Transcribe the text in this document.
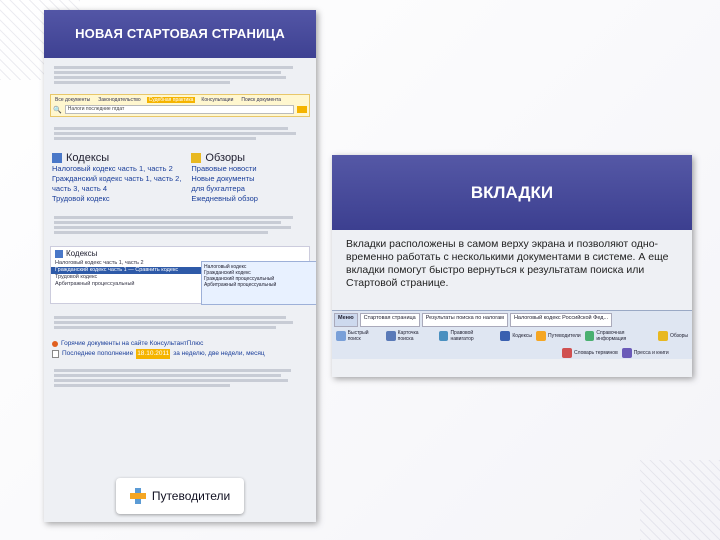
НОВАЯ СТАРТОВАЯ СТРАНИЦА
Все документы	Законодательство	Судебная практика	Консультации	Поиск документа
🔍	Налоги последние пгдат
Кодексы
Налоговый кодекс часть 1, часть 2
Гражданский кодекс часть 1, часть 2,
часть 3, часть 4
Трудовой кодекс
Обзоры
Правовые новости
Новые документы
для бухгалтера
Ежедневный обзор
Кодексы
Налоговый кодекс часть 1, часть 2
Гражданский кодекс часть 1 — Сравнить кодекс
Трудовой кодекс
Арбитражный процессуальный
Налоговый кодекс
Гражданский кодекс
Гражданский процессуальный
Арбитражный процессуальный
Горячие документы на сайте КонсультантПлюс
Последнее пополнение 18.10.2011 за неделю, две недели, месяц
Путеводители
ВКЛАДКИ
Вкладки расположены в самом верху экрана и позволяют одно-временно работать с несколькими документами в системе. А еще вкладки помогут быстро вернуться к результатам поиска или Стартовой странице.
Меню	Стартовая страница	Результаты поиска по налогам	Налоговый кодекс Российской Фед...
Быстрый поиск
Карточка поиска
Правовой навигатор	Кодексы	Путеводители	Справочная информация	Обзоры
Словарь терминов	Пресса и книги
